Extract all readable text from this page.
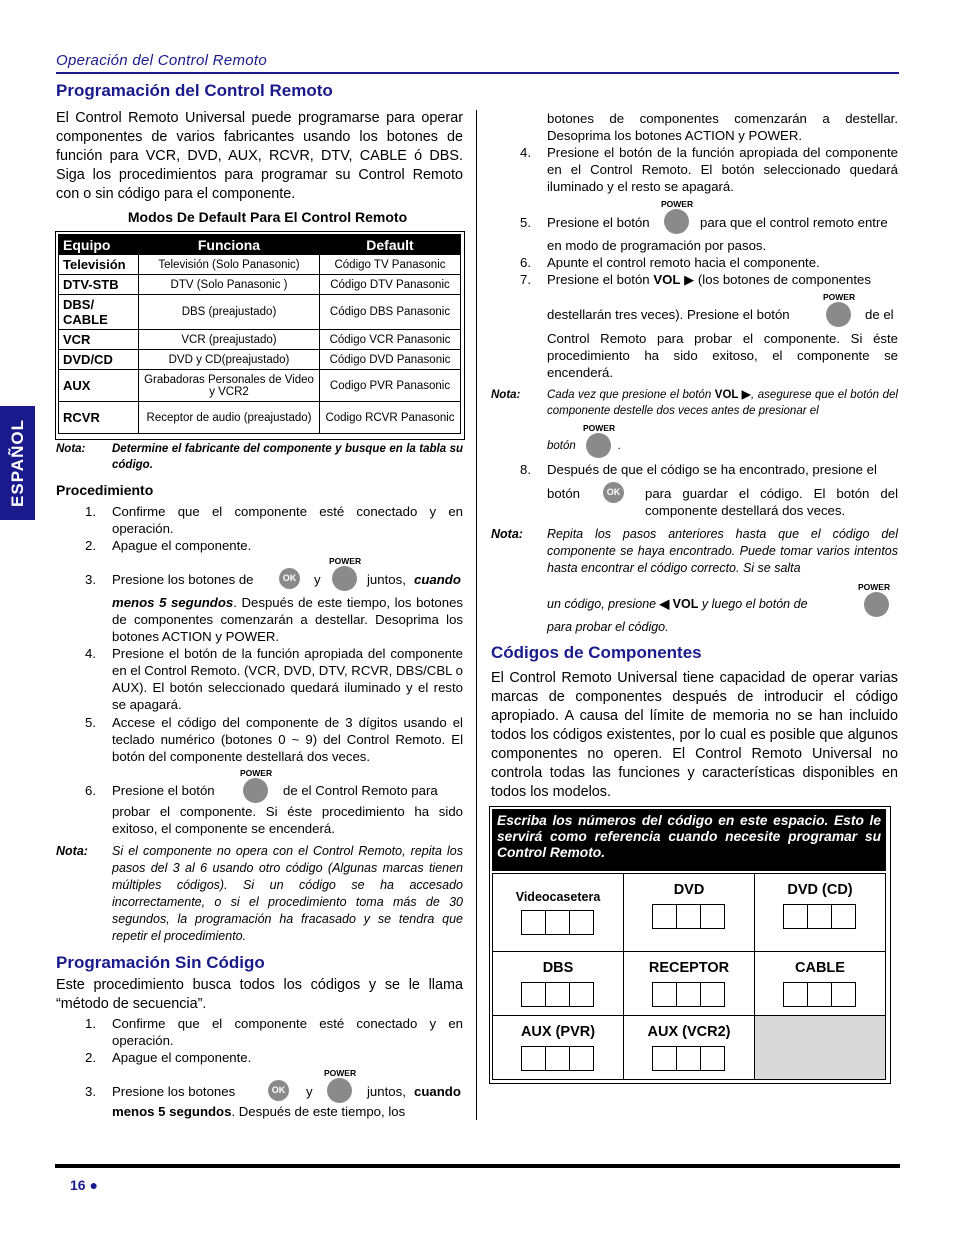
Operación del Control Remoto
ESPAÑOL
Programación del Control Remoto
El Control Remoto Universal puede programarse para operar componentes de varios fabricantes usando los botones de función para VCR, DVD, AUX, RCVR, DTV, CABLE ó DBS. Siga los procedimientos para programar su Control Remoto con o sin código para el componente.
Modos De Default Para El Control Remoto
Equipo	Funciona	Default
Televisión	Televisión (Solo Panasonic)	Código TV Panasonic
DTV-STB	DTV (Solo Panasonic )	Código DTV Panasonic
DBS/ CABLE	DBS (preajustado)	Código DBS Panasonic
VCR	VCR (preajustado)	Código VCR Panasonic
DVD/CD	DVD y CD(preajustado)	Código DVD Panasonic
AUX	Grabadoras Personales de Video y VCR2	Codigo PVR Panasonic
RCVR	Receptor de audio (preajustado)	Codigo RCVR Panasonic
Nota: Determine el fabricante del componente y busque en la tabla su código.
Procedimiento
1. Confirme que el componente esté conectado y en operación.
2. Apague el componente.
3. Presione los botones de	OK y
POWER
juntos, cuando
menos 5 segundos. Después de este tiempo, los botones de componentes comenzarán a destellar. Desoprima los botones ACTION y POWER.
4. Presione el botón de la función apropiada del componente en el Control Remoto. (VCR, DVD, DTV, RCVR, DBS/CBL o AUX). El botón seleccionado quedará iluminado y el resto se apagará.
5. Accese el código del componente de 3 dígitos usando el teclado numérico (botones 0 ~ 9) del Control Remoto. El botón del componente destellará dos veces.
6. Presione el botón
POWER
de el Control Remoto para
probar el componente. Si éste procedimiento ha sido exitoso, el componente se encenderá.
Nota: Si el componente no opera con el Control Remoto, repita los pasos del 3 al 6 usando otro código (Algunas marcas tienen múltiples códigos). Si un código se ha accesado incorrectamente, o si el procedimiento toma más de 30 segundos, la programación ha fracasado y se tendra que repetir el procedimiento.
Programación Sin Código
Este procedimiento busca todos los códigos y se le llama “método de secuencia”.
1. Confirme que el componente esté conectado y en operación.
2. Apague el componente.
3. Presione los botones	OK y
POWER
juntos, cuando
menos 5 segundos. Después de este tiempo, los
botones de componentes comenzarán a destellar. Desoprima los botones ACTION y POWER.
4. Presione el botón de la función apropiada del componente en el Control Remoto. El botón seleccionado quedará iluminado y el resto se apagará.
5. Presione el botón
POWER
para que el control remoto entre
en modo de programación por pasos.
6. Apunte el control remoto hacia el componente.
7. Presione el botón VOL ▶ (los botones de componentes
destellarán tres veces). Presione el botón
POWER
de el
Control Remoto para probar el componente. Si éste procedimiento ha sido exitoso, el componente se encenderá.
Nota: Cada vez que presione el botón VOL ▶, asegurese que el botón del componente destelle dos veces antes de presionar el
botón
POWER
.
8. Después de que el código se ha encontrado, presione el
botón	OK para guardar el código. El botón del componente destellará dos veces.
Nota: Repita los pasos anteriores hasta que el código del componente se haya encontrado. Puede tomar varios intentos hasta encontrar el código correcto. Si se salta
un código, presione ◀ VOL y luego el botón de
POWER
para probar el código.
Códigos de Componentes
El Control Remoto Universal tiene capacidad de operar varias marcas de componentes después de introducir el código apropiado. A causa del límite de memoria no se han incluido todos los códigos existentes, por lo cual es posible que algunos componentes no operen. El Control Remoto Universal no controla todas las funciones y características disponibles en todos los modelos.
Escriba los números del código en este espacio. Esto le servirá como referencia cuando necesite programar su Control Remoto.
Videocasetera	DVD	DVD (CD)

DBS	RECEPTOR	CABLE

AUX (PVR)	AUX (VCR2)	

16 ●
